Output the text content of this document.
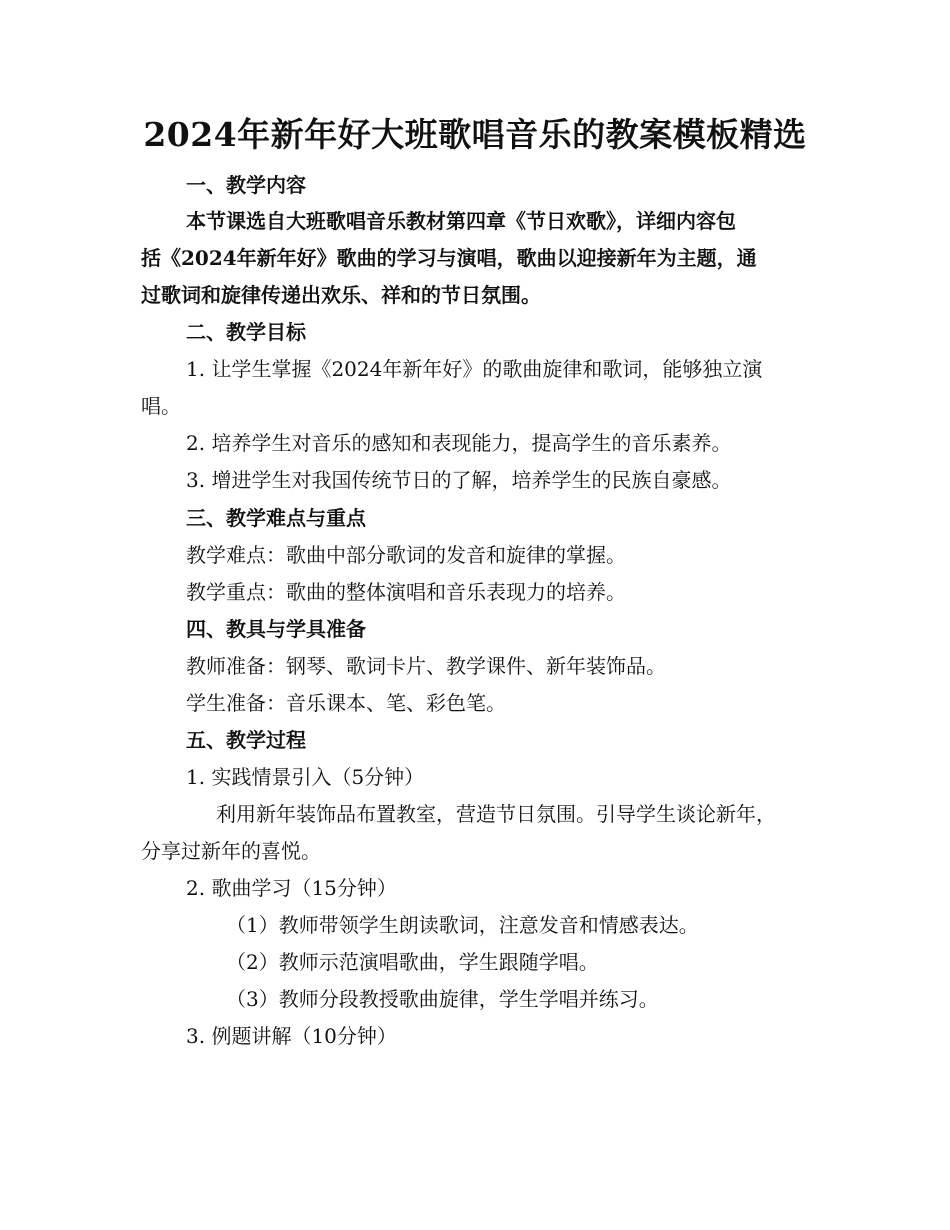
2024年新年好大班歌唱音乐的教案模板精选
一、教学内容
本节课选自大班歌唱音乐教材第四章《节日欢歌》，详细内容包
括《2024年新年好》歌曲的学习与演唱，歌曲以迎接新年为主题，通
过歌词和旋律传递出欢乐、祥和的节日氛围。
二、教学目标
1. 让学生掌握《2024年新年好》的歌曲旋律和歌词，能够独立演
唱。
2. 培养学生对音乐的感知和表现能力，提高学生的音乐素养。
3. 增进学生对我国传统节日的了解，培养学生的民族自豪感。
三、教学难点与重点
教学难点：歌曲中部分歌词的发音和旋律的掌握。
教学重点：歌曲的整体演唱和音乐表现力的培养。
四、教具与学具准备
教师准备：钢琴、歌词卡片、教学课件、新年装饰品。
学生准备：音乐课本、笔、彩色笔。
五、教学过程
1. 实践情景引入（5分钟）
利用新年装饰品布置教室，营造节日氛围。引导学生谈论新年，
分享过新年的喜悦。
2. 歌曲学习（15分钟）
（1）教师带领学生朗读歌词，注意发音和情感表达。
（2）教师示范演唱歌曲，学生跟随学唱。
（3）教师分段教授歌曲旋律，学生学唱并练习。
3. 例题讲解（10分钟）
